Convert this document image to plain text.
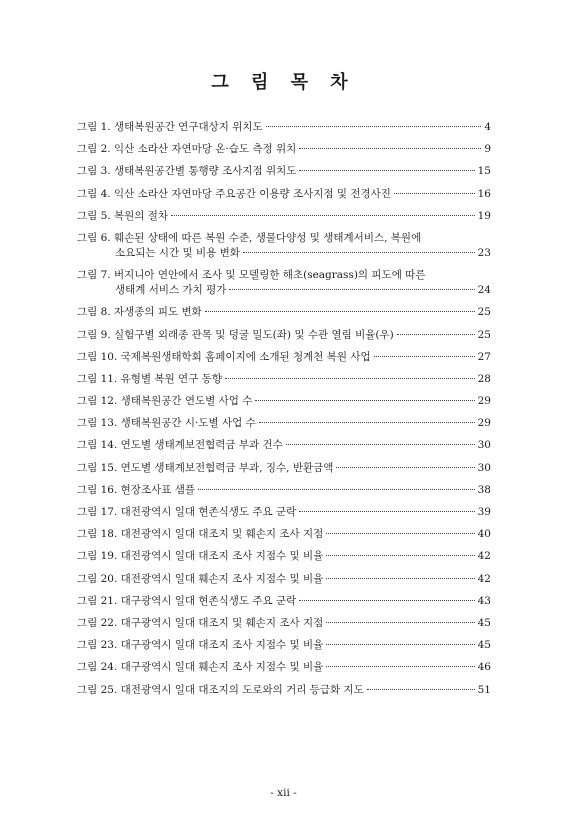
그 림 목 차
그림 1. 생태복원공간 연구대상지 위치도	4
그림 2. 익산 소라산 자연마당 온·습도 측정 위치	9
그림 3. 생태복원공간별 통행량 조사지점 위치도	15
그림 4. 익산 소라산 자연마당 주요공간 이용량 조사지점 및 전경사진	16
그림 5. 복원의 절차	19
그림 6. 훼손된 상태에 따른 복원 수준, 생물다양성 및 생태계서비스, 복원에
소요되는 시간 및 비용 변화	23
그림 7. 버지니아 연안에서 조사 및 모델링한 해초(seagrass)의 피도에 따른
생태계 서비스 가치 평가	24
그림 8. 자생종의 피도 변화	25
그림 9. 실험구별 외래종 관목 및 덩굴 밀도(좌) 및 수관 열림 비율(우)	25
그림 10. 국제복원생태학회 홈페이지에 소개된 청계천 복원 사업	27
그림 11. 유형별 복원 연구 동향	28
그림 12. 생태복원공간 연도별 사업 수	29
그림 13. 생태복원공간 시·도별 사업 수	29
그림 14. 연도별 생태계보전협력금 부과 건수	30
그림 15. 연도별 생태계보전협력금 부과, 징수, 반환금액	30
그림 16. 현장조사표 샘플	38
그림 17. 대전광역시 일대 현존식생도 주요 군락	39
그림 18. 대전광역시 일대 대조지 및 훼손지 조사 지점	40
그림 19. 대전광역시 일대 대조지 조사 지점수 및 비율	42
그림 20. 대전광역시 일대 훼손지 조사 지점수 및 비율	42
그림 21. 대구광역시 일대 현존식생도 주요 군락	43
그림 22. 대구광역시 일대 대조지 및 훼손지 조사 지점	45
그림 23. 대구광역시 일대 대조지 조사 지점수 및 비율	45
그림 24. 대구광역시 일대 훼손지 조사 지점수 및 비율	46
그림 25. 대전광역시 일대 대조지의 도로와의 거리 등급화 지도	51
- xii -
